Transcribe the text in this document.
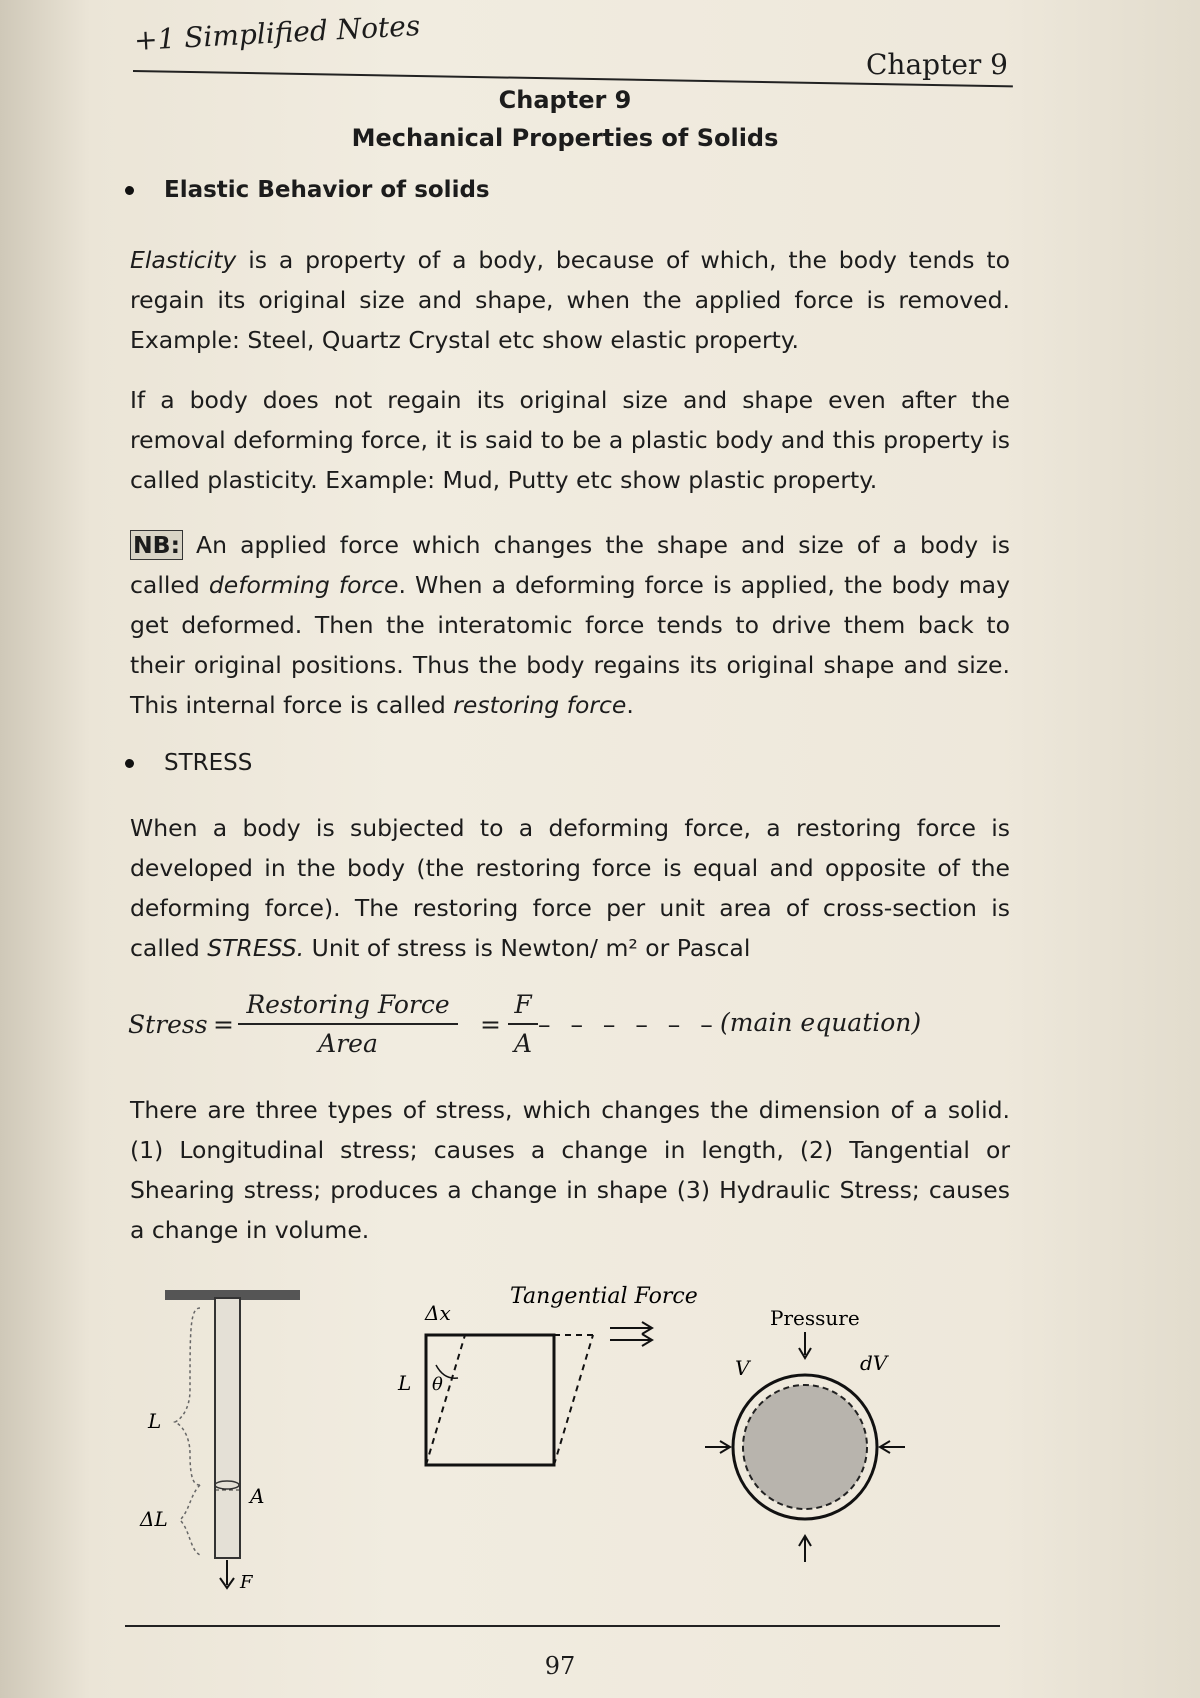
+1 Simplified Notes
Chapter 9
Chapter 9
Mechanical Properties of Solids
Elastic Behavior of solids
Elasticity is a property of a body, because of which, the body tends to regain its original size and shape, when the applied force is removed. Example: Steel, Quartz Crystal etc show elastic property.
If a body does not regain its original size and shape even after the removal deforming force, it is said to be a plastic body and this property is called plasticity. Example: Mud, Putty etc show plastic property.
NB: An applied force which changes the shape and size of a body is called deforming force. When a deforming force is applied, the body may get deformed. Then the interatomic force tends to drive them back to their original positions. Thus the body regains its original shape and size. This internal force is called restoring force.
STRESS
When a body is subjected to a deforming force, a restoring force is developed in the body (the restoring force is equal and opposite of the deforming force). The restoring force per unit area of cross-section is called STRESS. Unit of stress is Newton/ m² or Pascal
Stress =
Restoring Force
Area
=
F
A
– – – – – – (main equation)
There are three types of stress, which changes the dimension of a solid. (1) Longitudinal stress; causes a change in length, (2) Tangential or Shearing stress; produces a change in shape (3) Hydraulic Stress; causes a change in volume.
L
ΔL
A
F
Δx
Tangential Force
L θ
Pressure
V	dV
97
